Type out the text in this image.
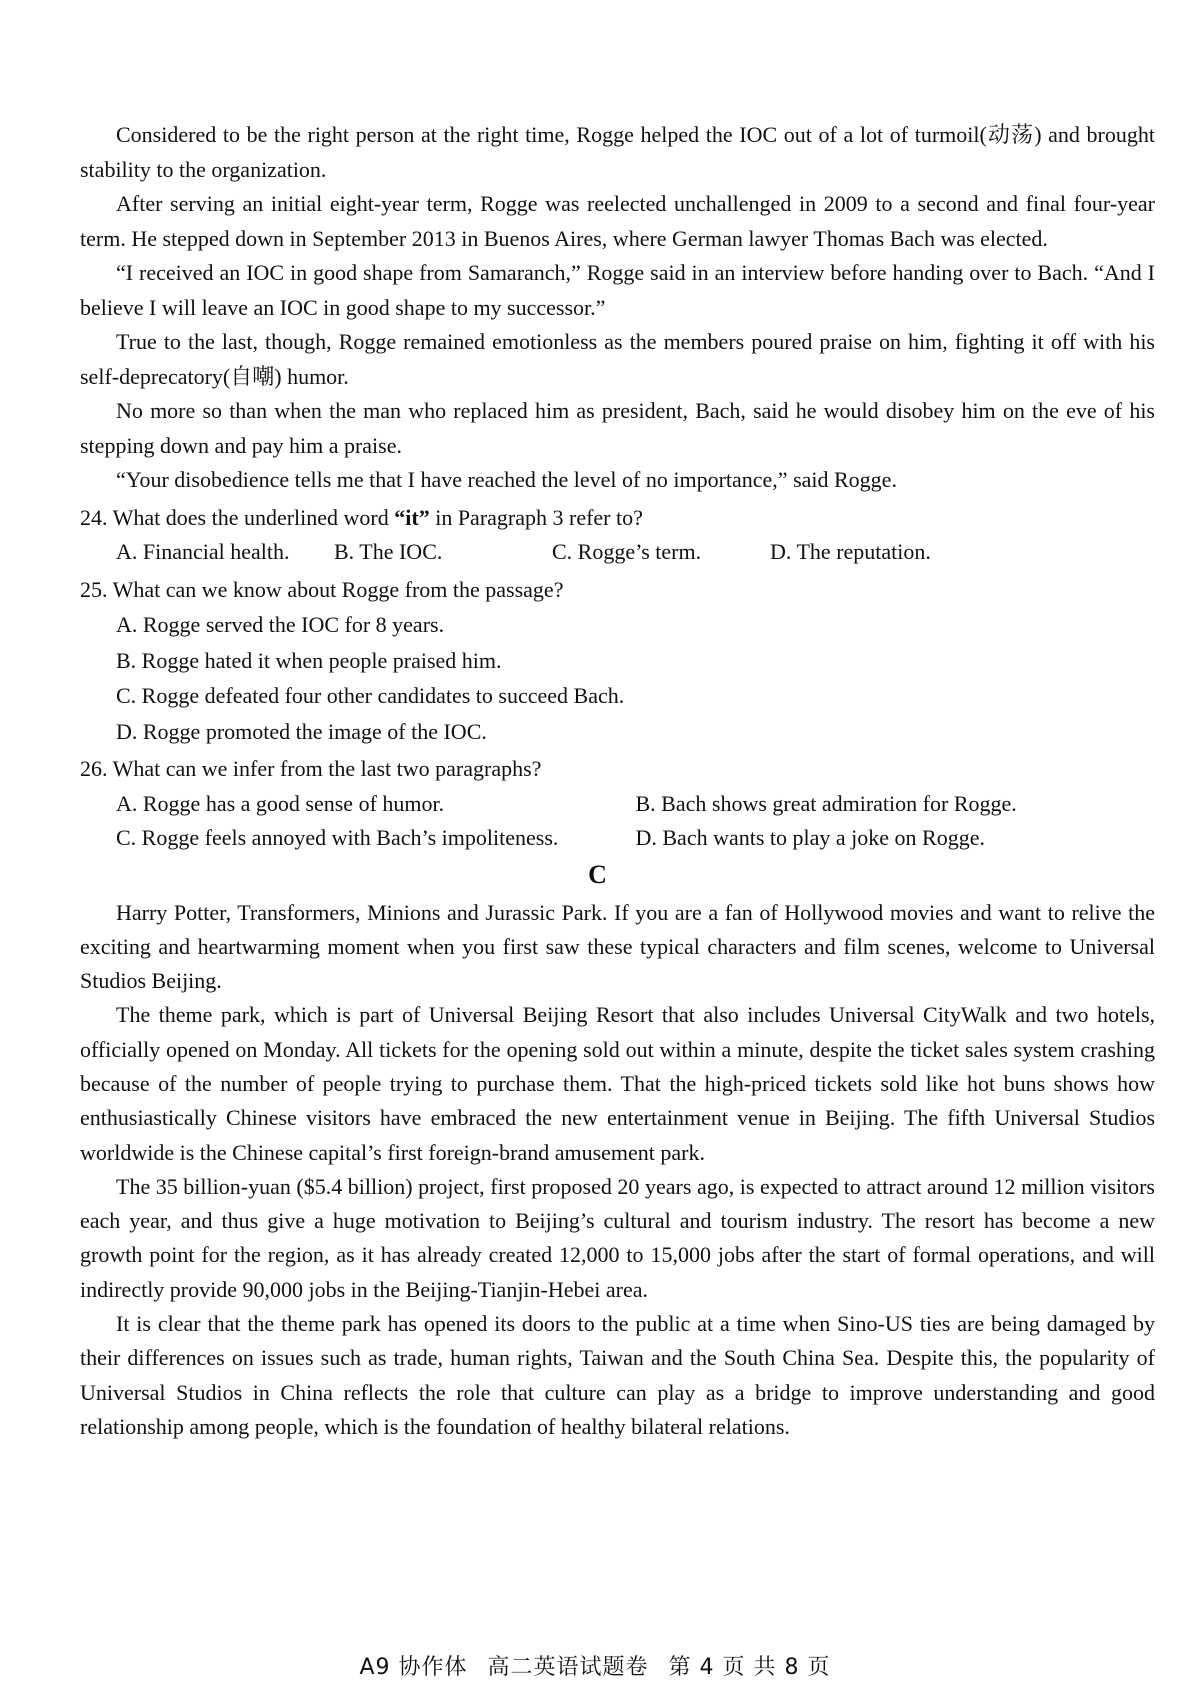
Considered to be the right person at the right time, Rogge helped the IOC out of a lot of turmoil(动荡) and brought stability to the organization.

After serving an initial eight-year term, Rogge was reelected unchallenged in 2009 to a second and final four-year term. He stepped down in September 2013 in Buenos Aires, where German lawyer Thomas Bach was elected.

“I received an IOC in good shape from Samaranch,” Rogge said in an interview before handing over to Bach. “And I believe I will leave an IOC in good shape to my successor.”

True to the last, though, Rogge remained emotionless as the members poured praise on him, fighting it off with his self-deprecatory(自嘲) humor.

No more so than when the man who replaced him as president, Bach, said he would disobey him on the eve of his stepping down and pay him a praise.

“Your disobedience tells me that I have reached the level of no importance,” said Rogge.

24. What does the underlined word “it” in Paragraph 3 refer to?

A. Financial health.	B. The IOC.	C. Rogge’s term.	D. The reputation.

25. What can we know about Rogge from the passage?

A. Rogge served the IOC for 8 years.
B. Rogge hated it when people praised him.
C. Rogge defeated four other candidates to succeed Bach.
D. Rogge promoted the image of the IOC.

26. What can we infer from the last two paragraphs?

A. Rogge has a good sense of humor.	B. Bach shows great admiration for Rogge.
C. Rogge feels annoyed with Bach’s impoliteness.	D. Bach wants to play a joke on Rogge.
C

Harry Potter, Transformers, Minions and Jurassic Park. If you are a fan of Hollywood movies and want to relive the exciting and heartwarming moment when you first saw these typical characters and film scenes, welcome to Universal Studios Beijing.

The theme park, which is part of Universal Beijing Resort that also includes Universal CityWalk and two hotels, officially opened on Monday. All tickets for the opening sold out within a minute, despite the ticket sales system crashing because of the number of people trying to purchase them. That the high-priced tickets sold like hot buns shows how enthusiastically Chinese visitors have embraced the new entertainment venue in Beijing. The fifth Universal Studios worldwide is the Chinese capital’s first foreign-brand amusement park.

The 35 billion-yuan ($5.4 billion) project, first proposed 20 years ago, is expected to attract around 12 million visitors each year, and thus give a huge motivation to Beijing’s cultural and tourism industry. The resort has become a new growth point for the region, as it has already created 12,000 to 15,000 jobs after the start of formal operations, and will indirectly provide 90,000 jobs in the Beijing-Tianjin-Hebei area.

It is clear that the theme park has opened its doors to the public at a time when Sino-US ties are being damaged by their differences on issues such as trade, human rights, Taiwan and the South China Sea. Despite this, the popularity of Universal Studios in China reflects the role that culture can play as a bridge to improve understanding and good relationship among people, which is the foundation of healthy bilateral relations.

A9 协作体 高二英语试题卷 第 4 页 共 8 页
